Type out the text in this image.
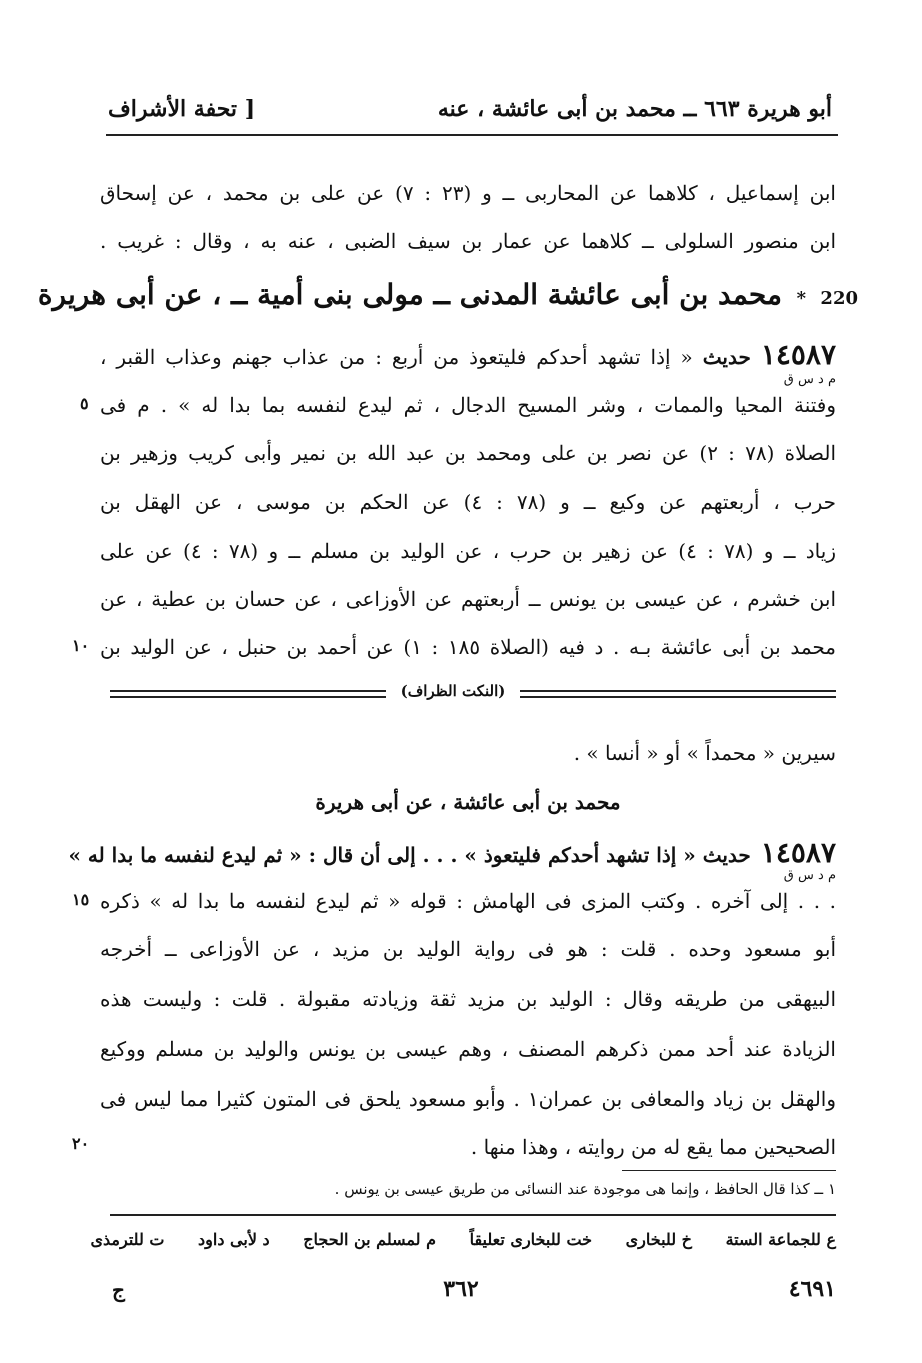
أبو هريرة ٦٦٣ ــ محمد بن أبى عائشة ، عنه
[ تحفة الأشراف
ابن إسماعيل ، كلاهما عن المحاربى ــ و (٢٣ : ٧) عن على بن محمد ، عن إسحاق
ابن منصور السلولى ــ كلاهما عن عمار بن سيف الضبى ، عنه به ، وقال : غريب .
220
*
محمد بن أبى عائشة المدنى ــ مولى بنى أمية ــ ، عن أبى هريرة
١٤٥٨٧حديث « إذا تشهد أحدكم فليتعوذ من أربع : من عذاب جهنم وعذاب القبر ،
م د س ق
وفتنة المحيا والممات ، وشر المسيح الدجال ، ثم ليدع لنفسه بما بدا له » . م فى
٥
الصلاة (٧٨ : ٢) عن نصر بن على ومحمد بن عبد الله بن نمير وأبى كريب وزهير بن
حرب ، أربعتهم عن وكيع ــ و (٧٨ : ٤) عن الحكم بن موسى ، عن الهقل بن
زياد ــ و (٧٨ : ٤) عن زهير بن حرب ، عن الوليد بن مسلم ــ و (٧٨ : ٤) عن على
ابن خشرم ، عن عيسى بن يونس ــ أربعتهم عن الأوزاعى ، عن حسان بن عطية ، عن
محمد بن أبى عائشة بـه . د فيه (الصلاة ١٨٥ : ١) عن أحمد بن حنبل ، عن الوليد بن
١٠
(النكت الظراف)
سيرين « محمداً » أو « أنسا » .
محمد بن أبى عائشة ، عن أبى هريرة
١٤٥٨٧حديث « إذا تشهد أحدكم فليتعوذ » . . . إلى أن قال : « ثم ليدع لنفسه ما بدا له »
م د س ق
. . . إلى آخره . وكتب المزى فى الهامش : قوله « ثم ليدع لنفسه ما بدا له » ذكره
١٥
أبو مسعود وحده . قلت : هو فى رواية الوليد بن مزيد ، عن الأوزاعى ــ أخرجه
البيهقى من طريقه وقال : الوليد بن مزيد ثقة وزيادته مقبولة . قلت : وليست هذه
الزيادة عند أحد ممن ذكرهم المصنف ، وهم عيسى بن يونس والوليد بن مسلم ووكيع
والهقل بن زياد والمعافى بن عمران١ . وأبو مسعود يلحق فى المتون كثيرا مما ليس فى
الصحيحين مما يقع له من روايته ، وهذا منها .
٢٠
١ ــ كذا قال الحافظ ، وإنما هى موجودة عند النسائى من طريق عيسى بن يونس .
ع للجماعة الستة خ للبخارى خت للبخارى تعليقاً م لمسلم بن الحجاج د لأبى داود ت للترمذى
٤٦٩١
٣٦٢
ج
